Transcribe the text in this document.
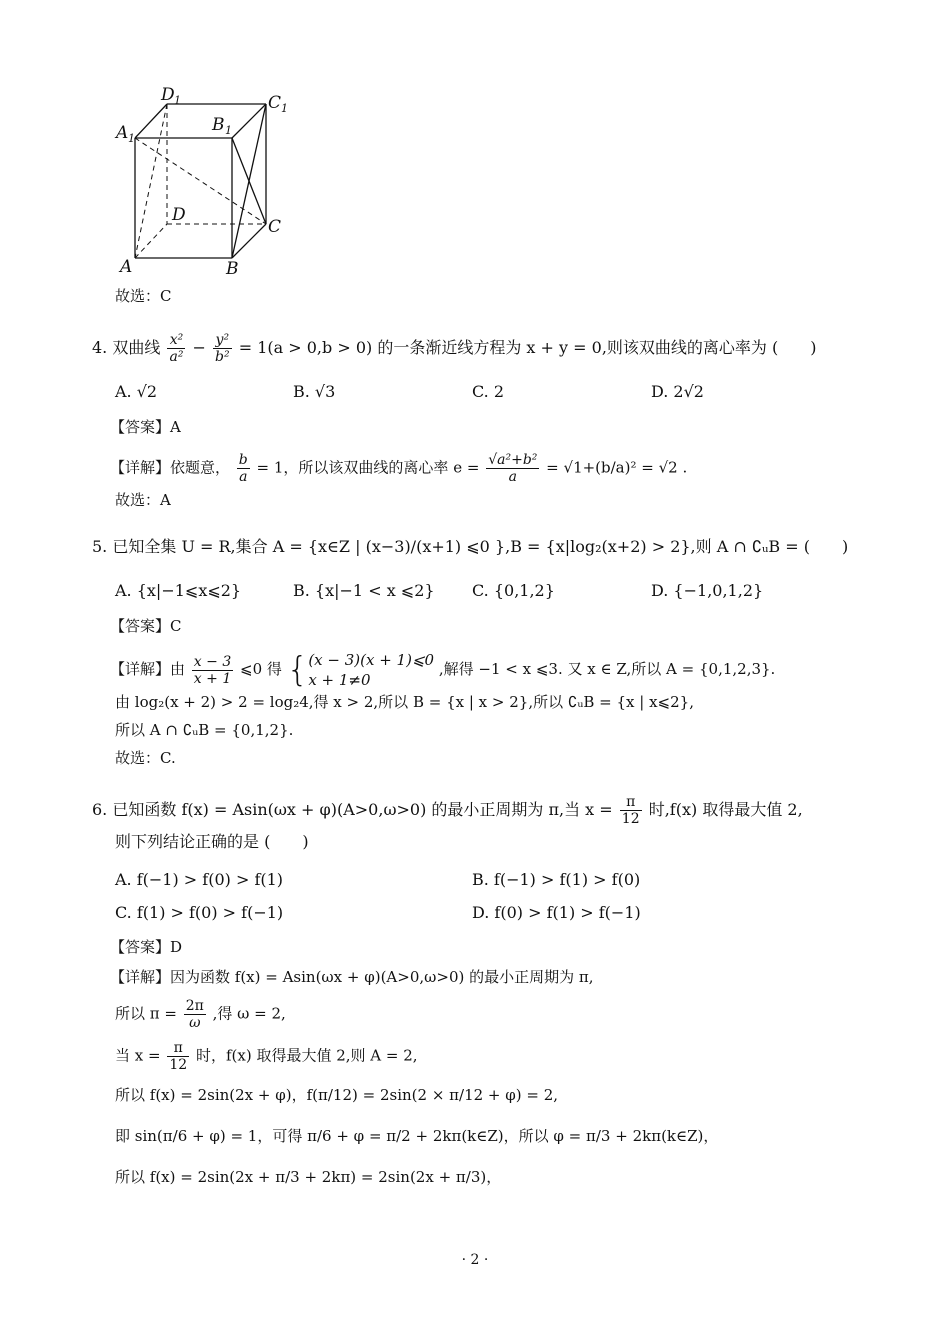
D 1
A 1
B 1
C 1
D
C
A	B
故选：C
4. 双曲线 $\frac{\text{x²}}{\text{a²}} - \frac{\text{y²}}{\text{b²}} = 1(a > 0,b > 0)$ 的一条渐近线方程为 x + y = 0,则该双曲线的离心率为 (　　)
A. √2	B. √3	C. 2	D. 2√2
【答案】A
【详解】依题意， $\frac{b}{a} = 1$，所以该双曲线的离心率 $e = \frac{\text{√a²+b²}}{a} = √1+(b/a)^2 = √2$ .
故选：A
5. 已知全集 U = R,集合 A = {x∈Z | (x−3)/(x+1) ⩽0 },B = {x|log₂(x+2) > 2},则 A ∩ ∁ᵤB = (　　)
A. {x|−1⩽x⩽2}	B. {x|−1 < x ⩽2} C. {0,1,2}	D. {−1,0,1,2}
【答案】C
【详解】由 $\frac{x - 3}{x + 1}$ ⩽0 得 {(x − 3)(x + 1)⩽0
x + 1≠0 ,解得 −1 < x ⩽3. 又 x ∈ Z,所以 A = {0,1,2,3}.
由 log₂(x + 2) > 2 = log₂4,得 x > 2,所以 B = {x | x > 2},所以 ∁ᵤB = {x | x⩽2},
所以 A ∩ ∁ᵤB = {0,1,2}.
故选：C.
6. 已知函数 f(x) = Asin(ωx + φ)(A>0,ω>0) 的最小正周期为 π,当 $x = \frac{\pi}{12}$ 时,f(x) 取得最大值 2,
则下列结论正确的是 (　　)
A. f(−1) > f(0) > f(1)	B. f(−1) > f(1) > f(0)
C. f(1) > f(0) > f(−1)	D. f(0) > f(1) > f(−1)
【答案】D
【详解】因为函数 f(x) = Asin(ωx + φ)(A>0,ω>0) 的最小正周期为 π,
所以 $\pi = \frac{2\pi}{\omega}$ ,得 ω = 2,
当 $x = \frac{\pi}{12}$ 时，f(x) 取得最大值 2,则 A = 2,
所以 f(x) = 2sin(2x + φ)，f(π/12) = 2sin(2 × π/12 + φ) = 2,
即 sin(π/6 + φ) = 1，可得 π/6 + φ = π/2 + 2kπ(k∈Z)，所以 φ = π/3 + 2kπ(k∈Z)，
所以 f(x) = 2sin(2x + π/3 + 2kπ) = 2sin(2x + π/3)，
· 2 ·
